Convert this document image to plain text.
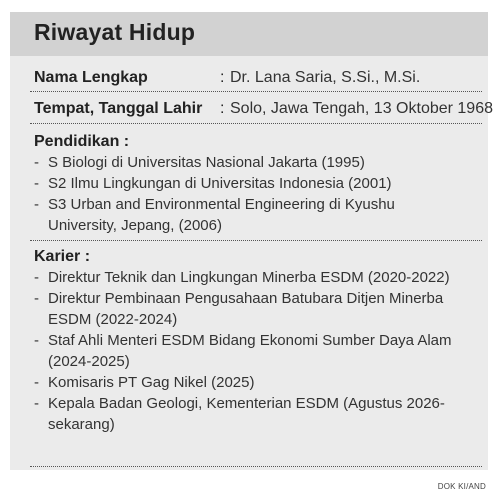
Riwayat Hidup
Nama Lengkap	: Dr. Lana Saria, S.Si., M.Si.
Tempat, Tanggal Lahir : Solo, Jawa Tengah, 13 Oktober 1968
Pendidikan :
- S Biologi di Universitas Nasional Jakarta (1995)
- S2 Ilmu Lingkungan di Universitas Indonesia (2001)
- S3 Urban and Environmental Engineering di Kyushu University, Jepang, (2006)
Karier :
- Direktur Teknik dan Lingkungan Minerba ESDM (2020-2022)
- Direktur Pembinaan Pengusahaan Batubara Ditjen Minerba ESDM (2022-2024)
- Staf Ahli Menteri ESDM Bidang Ekonomi Sumber Daya Alam (2024-2025)
- Komisaris PT Gag Nikel (2025)
- Kepala Badan Geologi, Kementerian ESDM (Agustus 2026-sekarang)
DOK KI/AND
